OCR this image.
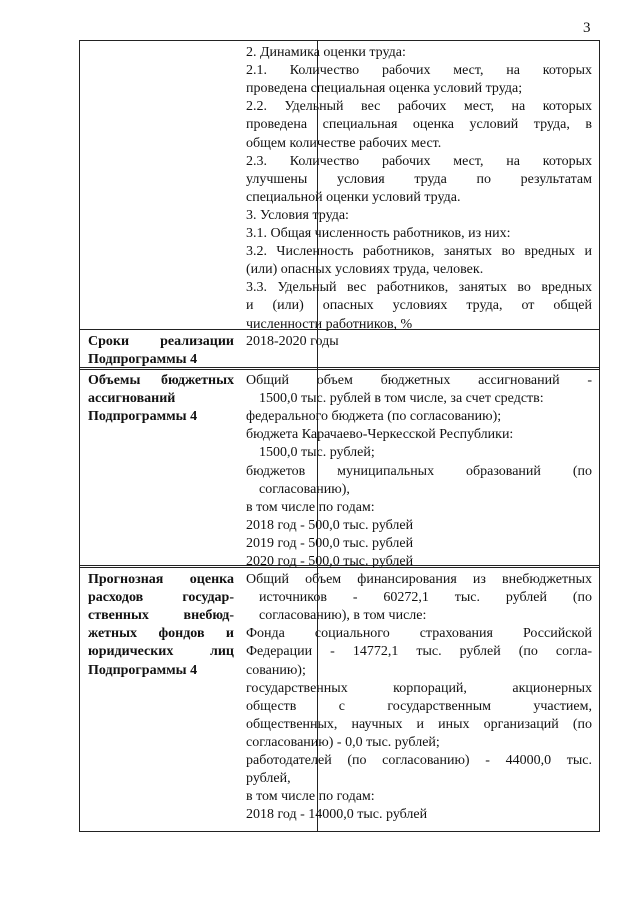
3
2. Динамика оценки труда:
2.1. Количество рабочих мест, на которых
проведена специальная оценка условий труда;
2.2. Удельный вес рабочих мест, на которых
проведена специальная оценка условий труда, в
общем количестве рабочих мест.
2.3. Количество рабочих мест, на которых
улучшены условия труда по результатам
специальной оценки условий труда.
3. Условия труда:
3.1. Общая численность работников, из них:
3.2. Численность работников, занятых во вредных и
(или) опасных условиях труда, человек.
3.3. Удельный вес работников, занятых во вредных
и (или) опасных условиях труда, от общей
численности работников, %
Сроки реализации
Подпрограммы 4
2018-2020 годы
Объемы бюджетных
ассигнований
Подпрограммы 4
Общий объем бюджетных ассигнований -
1500,0 тыс. рублей в том числе, за счет средств:
федерального бюджета (по согласованию);
бюджета Карачаево-Черкесской Республики:
1500,0 тыс. рублей;
бюджетов муниципальных образований (по
согласованию),
в том числе по годам:
2018 год - 500,0 тыс. рублей
2019 год - 500,0 тыс. рублей
2020 год - 500,0 тыс. рублей
Прогнозная оценка
расходов государ-
ственных внебюд-
жетных фондов и
юридических лиц
Подпрограммы 4
Общий объем финансирования из внебюджетных
источников - 60272,1 тыс. рублей (по
согласованию), в том числе:
Фонда социального страхования Российской
Федерации - 14772,1 тыс. рублей (по согла-
сованию);
государственных корпораций, акционерных
обществ с государственным участием,
общественных, научных и иных организаций (по
согласованию) - 0,0 тыс. рублей;
работодателей (по согласованию) - 44000,0 тыс.
рублей,
в том числе по годам:
2018 год - 14000,0 тыс. рублей
